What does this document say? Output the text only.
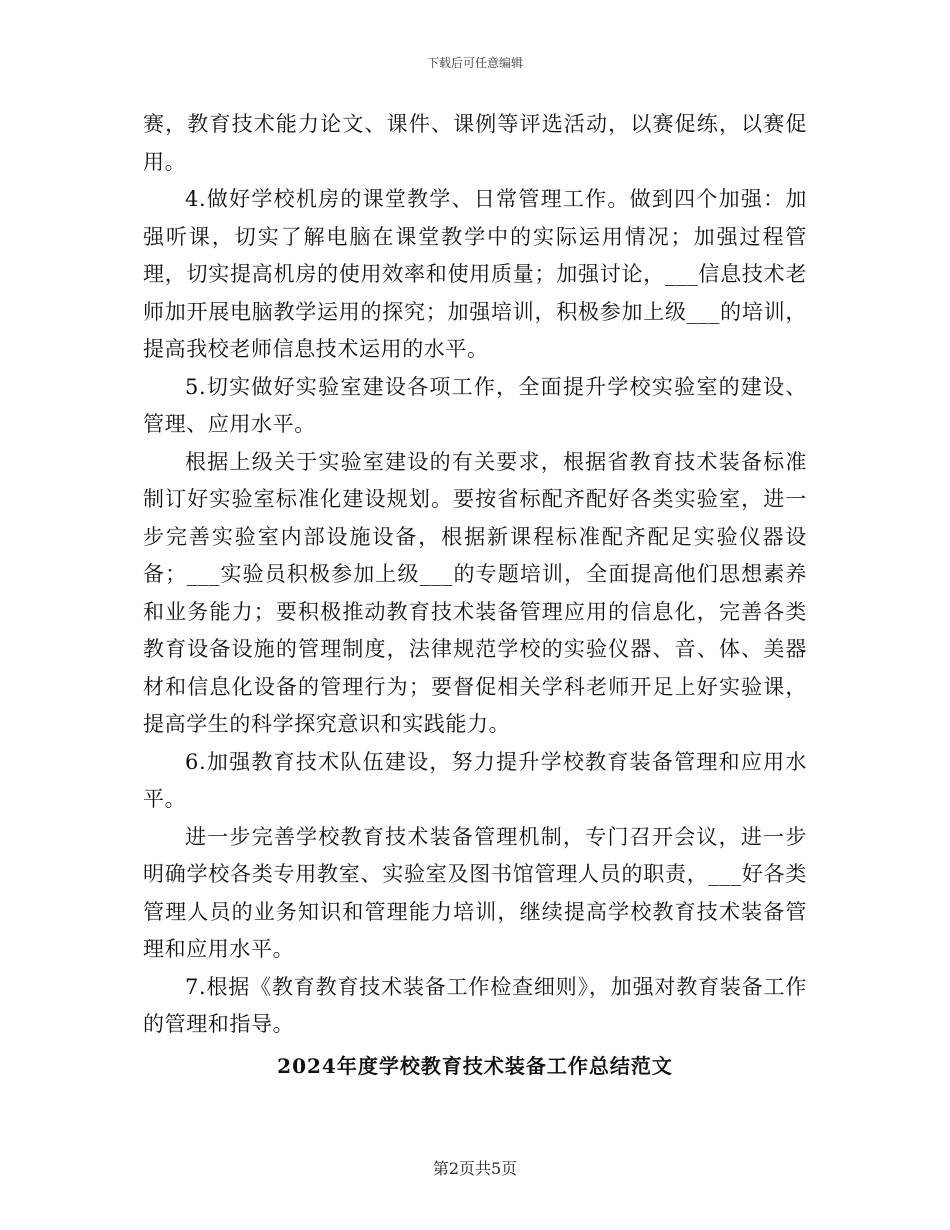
下载后可任意编辑

赛，教育技术能力论文、课件、课例等评选活动，以赛促练，以赛促用。

4.做好学校机房的课堂教学、日常管理工作。做到四个加强：加强听课，切实了解电脑在课堂教学中的实际运用情况；加强过程管理，切实提高机房的使用效率和使用质量；加强讨论，___信息技术老师加开展电脑教学运用的探究；加强培训，积极参加上级___的培训，提高我校老师信息技术运用的水平。

5.切实做好实验室建设各项工作，全面提升学校实验室的建设、管理、应用水平。

根据上级关于实验室建设的有关要求，根据省教育技术装备标准制订好实验室标准化建设规划。要按省标配齐配好各类实验室，进一步完善实验室内部设施设备，根据新课程标准配齐配足实验仪器设备；___实验员积极参加上级___的专题培训，全面提高他们思想素养和业务能力；要积极推动教育技术装备管理应用的信息化，完善各类教育设备设施的管理制度，法律规范学校的实验仪器、音、体、美器材和信息化设备的管理行为；要督促相关学科老师开足上好实验课，提高学生的科学探究意识和实践能力。

6.加强教育技术队伍建设，努力提升学校教育装备管理和应用水平。

进一步完善学校教育技术装备管理机制，专门召开会议，进一步明确学校各类专用教室、实验室及图书馆管理人员的职责，___好各类管理人员的业务知识和管理能力培训，继续提高学校教育技术装备管理和应用水平。

7.根据《教育教育技术装备工作检查细则》，加强对教育装备工作的管理和指导。

2024年度学校教育技术装备工作总结范文
第2页共5页
